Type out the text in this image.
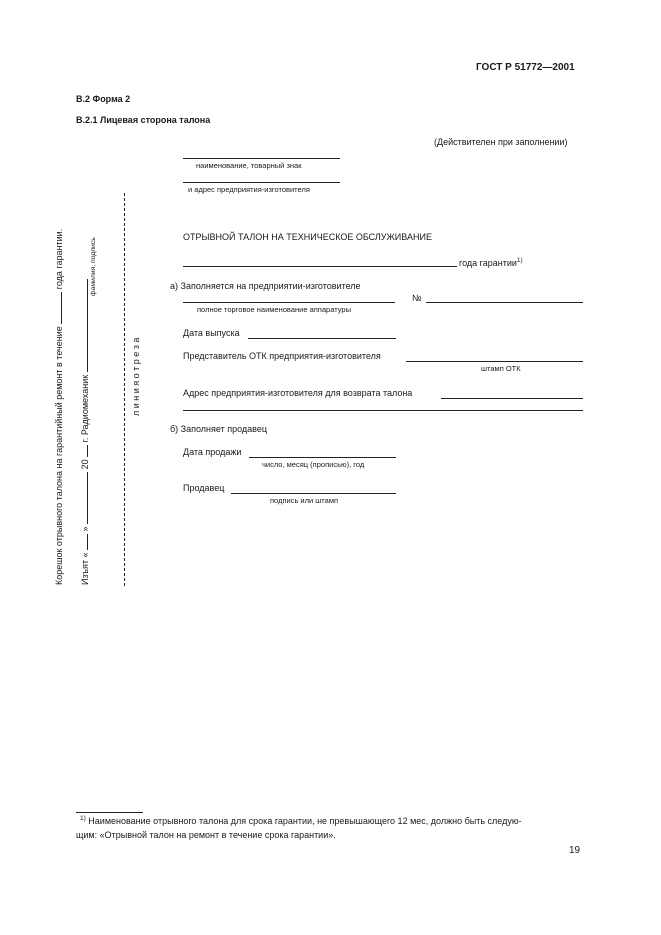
ГОСТ Р 51772—2001
В.2 Форма 2
В.2.1 Лицевая сторона талона
(Действителен при заполнении)
наименование, товарный знак
и адрес предприятия-изготовителя
Корешок отрывного талона на гарантийный ремонт в течение  года гарантии.
Изъят «  »  20  г. Радиомеханик
фамилия, подпись
л и н и я о т р е з а
ОТРЫВНОЙ ТАЛОН НА ТЕХНИЧЕСКОЕ ОБСЛУЖИВАНИЕ
года гарантии$^{1)}$
а) Заполняется на предприятии-изготовителе
№
полное торговое наименование аппаратуры
Дата выпуска
Представитель ОТК предприятия-изготовителя
штамп ОТК
Адрес предприятия-изготовителя для возврата талона
б) Заполняет продавец
Дата продажи
число, месяц (прописью), год
Продавец
подпись или штамп
$^{1)}$ Наименование отрывного талона для срока гарантии, не превышающего 12 мес, должно быть следую-
щим: «Отрывной талон на ремонт в течение срока гарантии».
19
